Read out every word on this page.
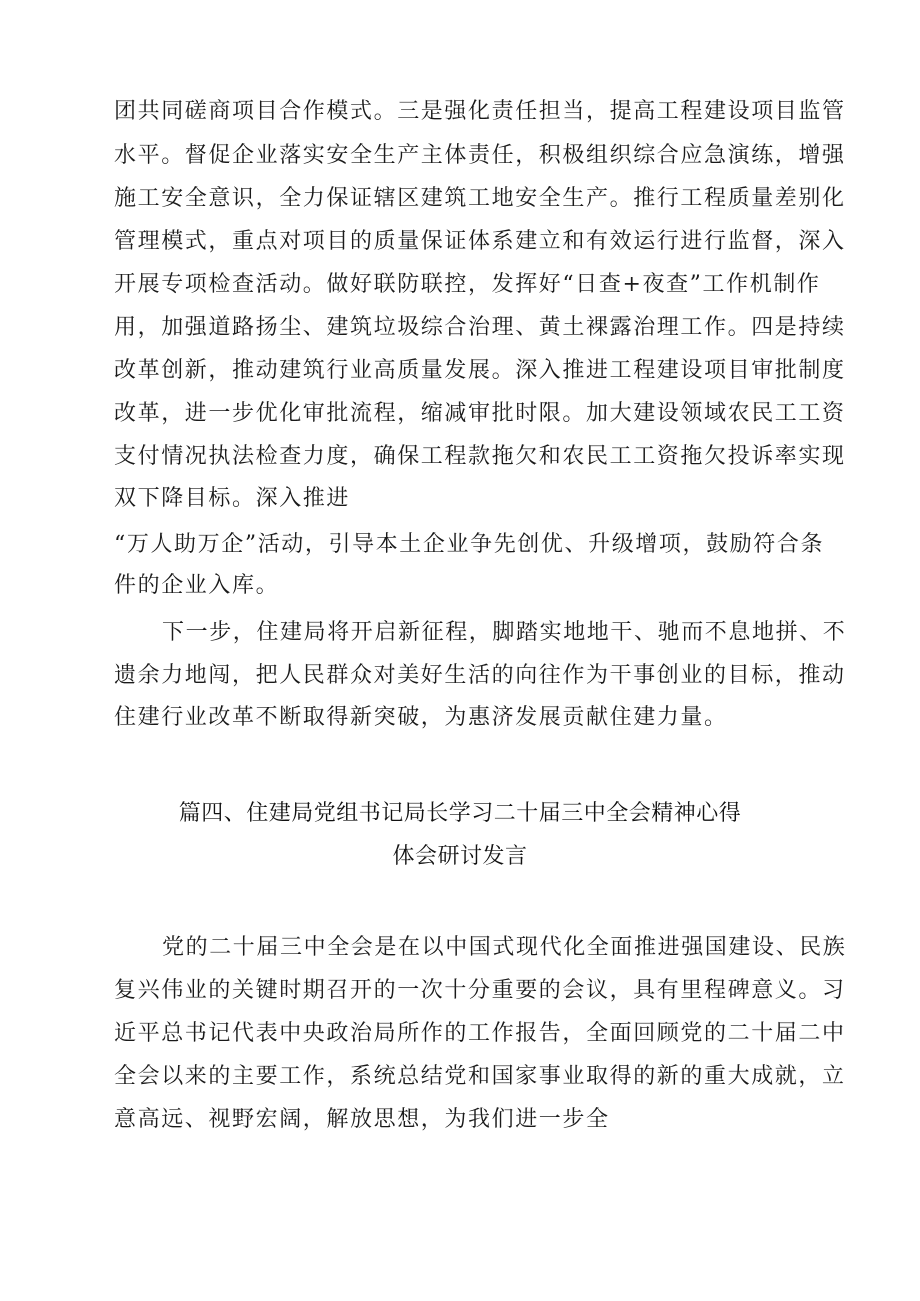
团共同磋商项目合作模式。三是强化责任担当，提高工程建设项目监管
水平。督促企业落实安全生产主体责任，积极组织综合应急演练，增强
施工安全意识，全力保证辖区建筑工地安全生产。推行工程质量差别化
管理模式，重点对项目的质量保证体系建立和有效运行进行监督，深入
开展专项检查活动。做好联防联控，发挥好“日查+夜查”工作机制作
用，加强道路扬尘、建筑垃圾综合治理、黄土裸露治理工作。四是持续
改革创新，推动建筑行业高质量发展。深入推进工程建设项目审批制度
改革，进一步优化审批流程，缩减审批时限。加大建设领域农民工工资
支付情况执法检查力度，确保工程款拖欠和农民工工资拖欠投诉率实现
双下降目标。深入推进
“万人助万企”活动，引导本土企业争先创优、升级增项，鼓励符合条
件的企业入库。
下一步，住建局将开启新征程，脚踏实地地干、驰而不息地拼、不
遗余力地闯，把人民群众对美好生活的向往作为干事创业的目标，推动
住建行业改革不断取得新突破，为惠济发展贡献住建力量。
篇四、住建局党组书记局长学习二十届三中全会精神心得
体会研讨发言
党的二十届三中全会是在以中国式现代化全面推进强国建设、民族
复兴伟业的关键时期召开的一次十分重要的会议，具有里程碑意义。习
近平总书记代表中央政治局所作的工作报告，全面回顾党的二十届二中
全会以来的主要工作，系统总结党和国家事业取得的新的重大成就，立
意高远、视野宏阔，解放思想，为我们进一步全
